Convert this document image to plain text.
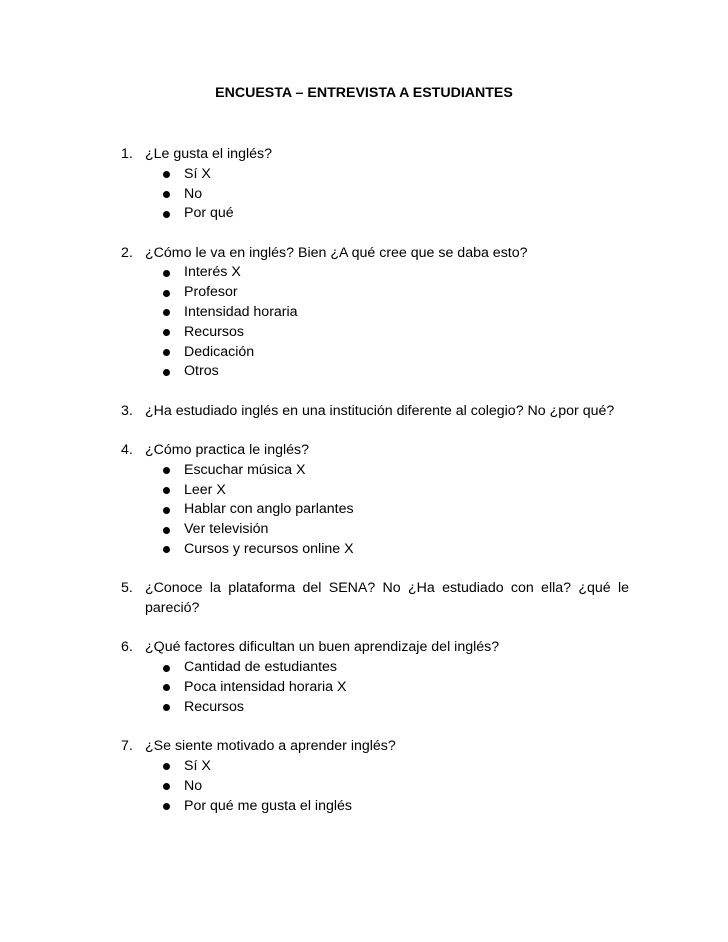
ENCUESTA – ENTREVISTA A ESTUDIANTES
1. ¿Le gusta el inglés?
Sí X
No
Por qué
2. ¿Cómo le va en inglés? Bien ¿A qué cree que se daba esto?
Interés X
Profesor
Intensidad horaria
Recursos
Dedicación
Otros
3. ¿Ha estudiado inglés en una institución diferente al colegio? No ¿por qué?
4. ¿Cómo practica le inglés?
Escuchar música X
Leer X
Hablar con anglo parlantes
Ver televisión
Cursos y recursos online X
5. ¿Conoce la plataforma del SENA? No ¿Ha estudiado con ella? ¿qué le
pareció?
6. ¿Qué factores dificultan un buen aprendizaje del inglés?
Cantidad de estudiantes
Poca intensidad horaria X
Recursos
7. ¿Se siente motivado a aprender inglés?
Sí X
No
Por qué me gusta el inglés
